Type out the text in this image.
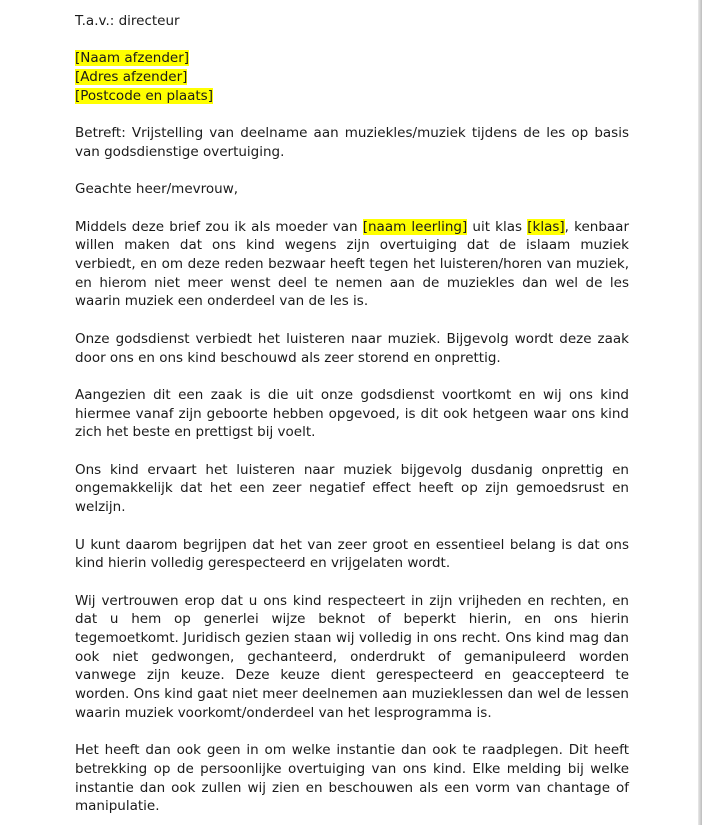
T.a.v.: directeur

[Naam afzender]
[Adres afzender]
[Postcode en plaats]

Betreft: Vrijstelling van deelname aan muziekles/muziek tijdens de les op basis van godsdienstige overtuiging.

Geachte heer/mevrouw,

Middels deze brief zou ik als moeder van [naam leerling] uit klas [klas], kenbaar willen maken dat ons kind wegens zijn overtuiging dat de islaam muziek verbiedt, en om deze reden bezwaar heeft tegen het luisteren/horen van muziek, en hierom niet meer wenst deel te nemen aan de muziekles dan wel de les waarin muziek een onderdeel van de les is.

Onze godsdienst verbiedt het luisteren naar muziek. Bijgevolg wordt deze zaak door ons en ons kind beschouwd als zeer storend en onprettig.

Aangezien dit een zaak is die uit onze godsdienst voortkomt en wij ons kind hiermee vanaf zijn geboorte hebben opgevoed, is dit ook hetgeen waar ons kind zich het beste en prettigst bij voelt.

Ons kind ervaart het luisteren naar muziek bijgevolg dusdanig onprettig en ongemakkelijk dat het een zeer negatief effect heeft op zijn gemoedsrust en welzijn.

U kunt daarom begrijpen dat het van zeer groot en essentieel belang is dat ons kind hierin volledig gerespecteerd en vrijgelaten wordt.

Wij vertrouwen erop dat u ons kind respecteert in zijn vrijheden en rechten, en dat u hem op generlei wijze beknot of beperkt hierin, en ons hierin tegemoetkomt. Juridisch gezien staan wij volledig in ons recht. Ons kind mag dan ook niet gedwongen, gechanteerd, onderdrukt of gemanipuleerd worden vanwege zijn keuze. Deze keuze dient gerespecteerd en geaccepteerd te worden. Ons kind gaat niet meer deelnemen aan muzieklessen dan wel de lessen waarin muziek voorkomt/onderdeel van het lesprogramma is.

Het heeft dan ook geen in om welke instantie dan ook te raadplegen. Dit heeft betrekking op de persoonlijke overtuiging van ons kind. Elke melding bij welke instantie dan ook zullen wij zien en beschouwen als een vorm van chantage of manipulatie.
